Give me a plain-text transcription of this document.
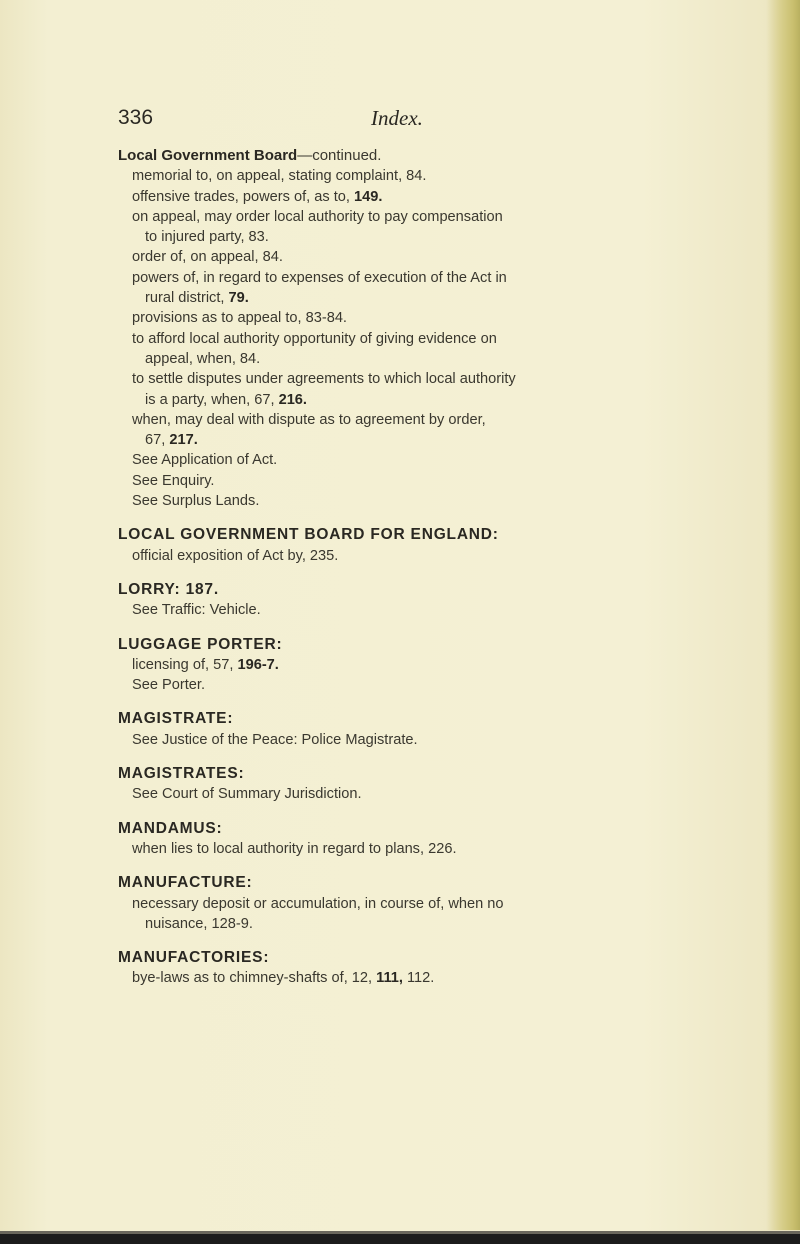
336	Index.
Local Government Board—continued.
memorial to, on appeal, stating complaint, 84.
offensive trades, powers of, as to, 149.
on appeal, may order local authority to pay compensation
to injured party, 83.
order of, on appeal, 84.
powers of, in regard to expenses of execution of the Act in
rural district, 79.
provisions as to appeal to, 83-84.
to afford local authority opportunity of giving evidence on
appeal, when, 84.
to settle disputes under agreements to which local authority
is a party, when, 67, 216.
when, may deal with dispute as to agreement by order,
67, 217.
See Application of Act.
See Enquiry.
See Surplus Lands.
LOCAL GOVERNMENT BOARD FOR ENGLAND:
official exposition of Act by, 235.
LORRY: 187.
See Traffic: Vehicle.
LUGGAGE PORTER:
licensing of, 57, 196-7.
See Porter.
MAGISTRATE:
See Justice of the Peace: Police Magistrate.
MAGISTRATES:
See Court of Summary Jurisdiction.
MANDAMUS:
when lies to local authority in regard to plans, 226.
MANUFACTURE:
necessary deposit or accumulation, in course of, when no
nuisance, 128-9.
MANUFACTORIES:
bye-laws as to chimney-shafts of, 12, 111, 112.
